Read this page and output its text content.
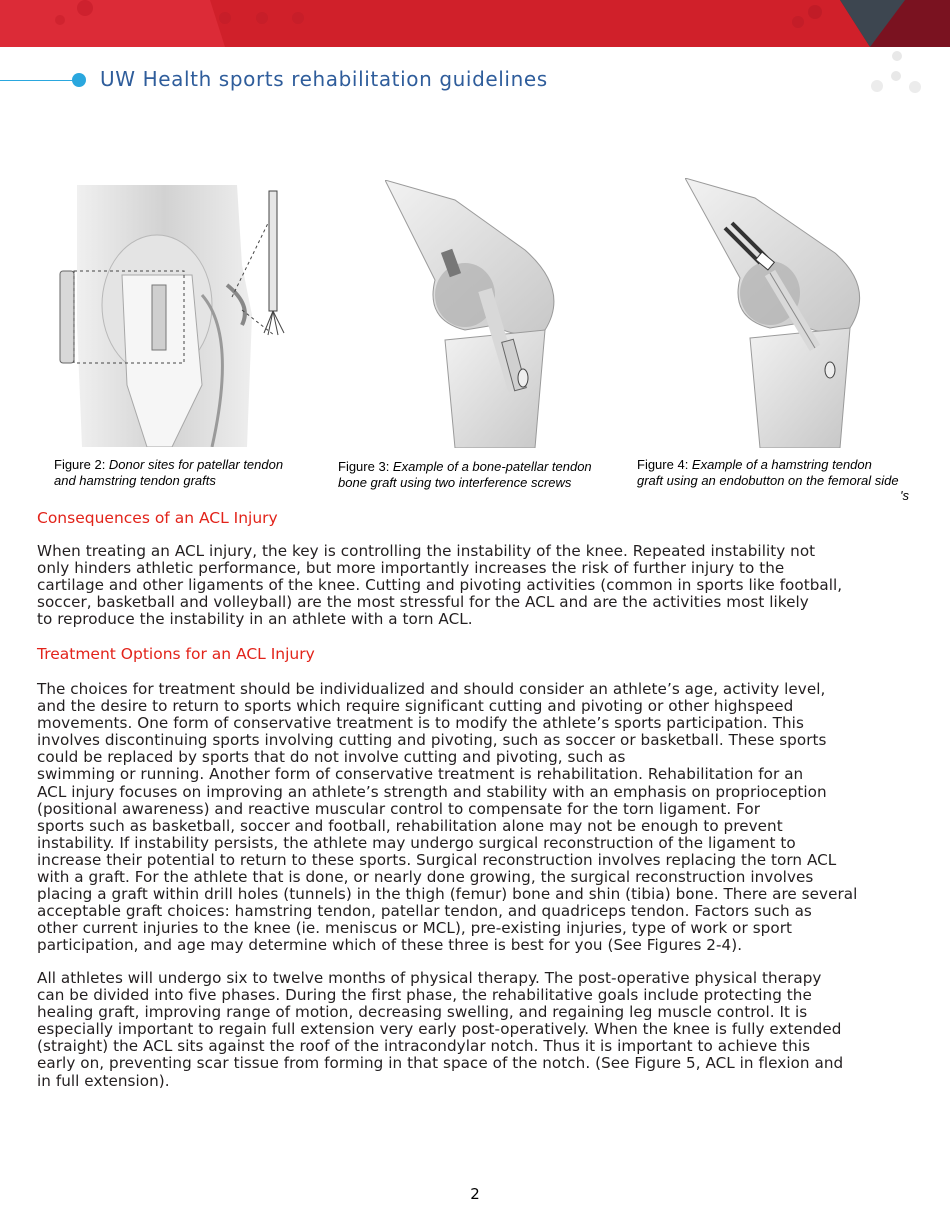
UW Health sports rehabilitation guidelines
Figure 2: Donor sites for patellar tendon
and hamstring tendon grafts
Figure 3: Example of a bone-patellar tendon
bone graft using two interference screws
Figure 4: Example of a hamstring tendon
graft using an endobutton on the femoral side
's
Consequences of an ACL Injury
When treating an ACL injury, the key is controlling the instability of the knee. Repeated instability not
only hinders athletic performance, but more importantly increases the risk of further injury to the
cartilage and other ligaments of the knee. Cutting and pivoting activities (common in sports like football,
soccer, basketball and volleyball) are the most stressful for the ACL and are the activities most likely
to reproduce the instability in an athlete with a torn ACL.
Treatment Options for an ACL Injury
The choices for treatment should be individualized and should consider an athlete’s age, activity level,
and the desire to return to sports which require significant cutting and pivoting or other highspeed
movements. One form of conservative treatment is to modify the athlete’s sports participation. This
involves discontinuing sports involving cutting and pivoting, such as soccer or basketball. These sports
could be replaced by sports that do not involve cutting and pivoting, such as
swimming or running. Another form of conservative treatment is rehabilitation. Rehabilitation for an
ACL injury focuses on improving an athlete’s strength and stability with an emphasis on proprioception
(positional awareness) and reactive muscular control to compensate for the torn ligament. For
sports such as basketball, soccer and football, rehabilitation alone may not be enough to prevent
instability. If instability persists, the athlete may undergo surgical reconstruction of the ligament to
increase their potential to return to these sports. Surgical reconstruction involves replacing the torn ACL
with a graft. For the athlete that is done, or nearly done growing, the surgical reconstruction involves
placing a graft within drill holes (tunnels) in the thigh (femur) bone and shin (tibia) bone. There are several
acceptable graft choices: hamstring tendon, patellar tendon, and quadriceps tendon. Factors such as
other current injuries to the knee (ie. meniscus or MCL), pre-existing injuries, type of work or sport
participation, and age may determine which of these three is best for you (See Figures 2-4).
All athletes will undergo six to twelve months of physical therapy. The post-operative physical therapy
can be divided into five phases. During the first phase, the rehabilitative goals include protecting the
healing graft, improving range of motion, decreasing swelling, and regaining leg muscle control. It is
especially important to regain full extension very early post-operatively. When the knee is fully extended
(straight) the ACL sits against the roof of the intracondylar notch. Thus it is important to achieve this
early on, preventing scar tissue from forming in that space of the notch. (See Figure 5, ACL in flexion and
in full extension).
2
